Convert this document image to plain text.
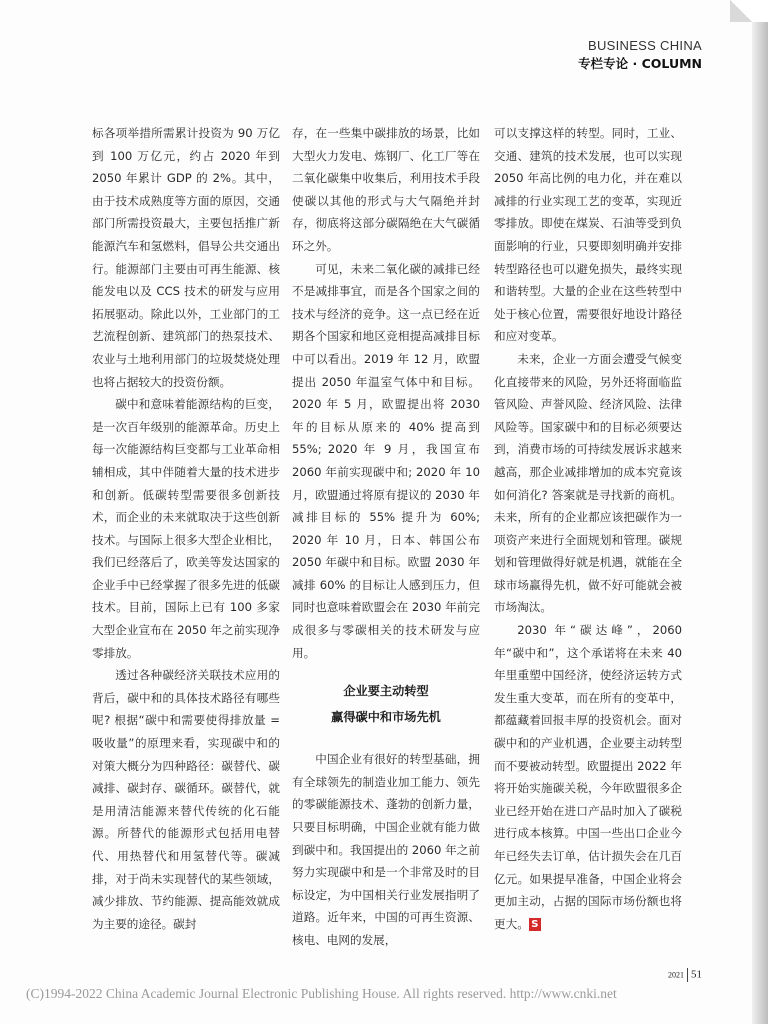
BUSINESS CHINA
专栏专论 · COLUMN

标各项举措所需累计投资为 90 万亿到 100 万亿元，约占 2020 年到 2050 年累计 GDP 的 2%。其中，由于技术成熟度等方面的原因，交通部门所需投资最大，主要包括推广新能源汽车和氢燃料，倡导公共交通出行。能源部门主要由可再生能源、核能发电以及 CCS 技术的研发与应用拓展驱动。除此以外，工业部门的工艺流程创新、建筑部门的热泵技术、农业与土地利用部门的垃圾焚烧处理也将占据较大的投资份额。

碳中和意味着能源结构的巨变，是一次百年级别的能源革命。历史上每一次能源结构巨变都与工业革命相辅相成，其中伴随着大量的技术进步和创新。低碳转型需要很多创新技术，而企业的未来就取决于这些创新技术。与国际上很多大型企业相比，我们已经落后了，欧美等发达国家的企业手中已经掌握了很多先进的低碳技术。目前，国际上已有 100 多家大型企业宣布在 2050 年之前实现净零排放。

透过各种碳经济关联技术应用的背后，碳中和的具体技术路径有哪些呢? 根据“碳中和需要使得排放量 = 吸收量”的原理来看，实现碳中和的对策大概分为四种路径：碳替代、碳减排、碳封存、碳循环。碳替代，就是用清洁能源来替代传统的化石能源。所替代的能源形式包括用电替代、用热替代和用氢替代等。碳减排，对于尚未实现替代的某些领域，减少排放、节约能源、提高能效就成为主要的途径。碳封

存，在一些集中碳排放的场景，比如大型火力发电、炼钢厂、化工厂等在二氧化碳集中收集后，利用技术手段使碳以其他的形式与大气隔绝并封存，彻底将这部分碳隔绝在大气碳循环之外。

可见，未来二氧化碳的减排已经不是减排事宜，而是各个国家之间的技术与经济的竞争。这一点已经在近期各个国家和地区竞相提高减排目标中可以看出。2019 年 12 月，欧盟提出 2050 年温室气体中和目标。2020 年 5 月，欧盟提出将 2030 年的目标从原来的 40% 提高到 55%; 2020 年 9 月，我国宣布 2060 年前实现碳中和; 2020 年 10 月，欧盟通过将原有提议的 2030 年减排目标的 55% 提升为 60%; 2020 年 10 月，日本、韩国公布 2050 年碳中和目标。欧盟 2030 年减排 60% 的目标让人感到压力，但同时也意味着欧盟会在 2030 年前完成很多与零碳相关的技术研发与应用。

企业要主动转型
赢得碳中和市场先机

中国企业有很好的转型基础，拥有全球领先的制造业加工能力、领先的零碳能源技术、蓬勃的创新力量，只要目标明确，中国企业就有能力做到碳中和。我国提出的 2060 年之前努力实现碳中和是一个非常及时的目标设定，为中国相关行业发展指明了道路。近年来，中国的可再生资源、核电、电网的发展，

可以支撑这样的转型。同时，工业、交通、建筑的技术发展，也可以实现 2050 年高比例的电力化，并在难以减排的行业实现工艺的变革，实现近零排放。即使在煤炭、石油等受到负面影响的行业，只要即刻明确并安排转型路径也可以避免损失，最终实现和谐转型。大量的企业在这些转型中处于核心位置，需要很好地设计路径和应对变革。

未来，企业一方面会遭受气候变化直接带来的风险，另外还将面临监管风险、声誉风险、经济风险、法律风险等。国家碳中和的目标必须要达到，消费市场的可持续发展诉求越来越高，那企业减排增加的成本究竟该如何消化? 答案就是寻找新的商机。未来，所有的企业都应该把碳作为一项资产来进行全面规划和管理。碳规划和管理做得好就是机遇，就能在全球市场赢得先机，做不好可能就会被市场淘汰。

2030 年“碳达峰”，2060 年“碳中和”，这个承诺将在未来 40 年里重塑中国经济，使经济运转方式发生重大变革，而在所有的变革中，都蕴藏着回报丰厚的投资机会。面对碳中和的产业机遇，企业要主动转型而不要被动转型。欧盟提出 2022 年将开始实施碳关税，今年欧盟很多企业已经开始在进口产品时加入了碳税进行成本核算。中国一些出口企业今年已经失去订单，估计损失会在几百亿元。如果提早准备，中国企业将会更加主动，占据的国际市场份额也将更大。 S

2021 51
(C)1994-2022 China Academic Journal Electronic Publishing House. All rights reserved. http://www.cnki.net
